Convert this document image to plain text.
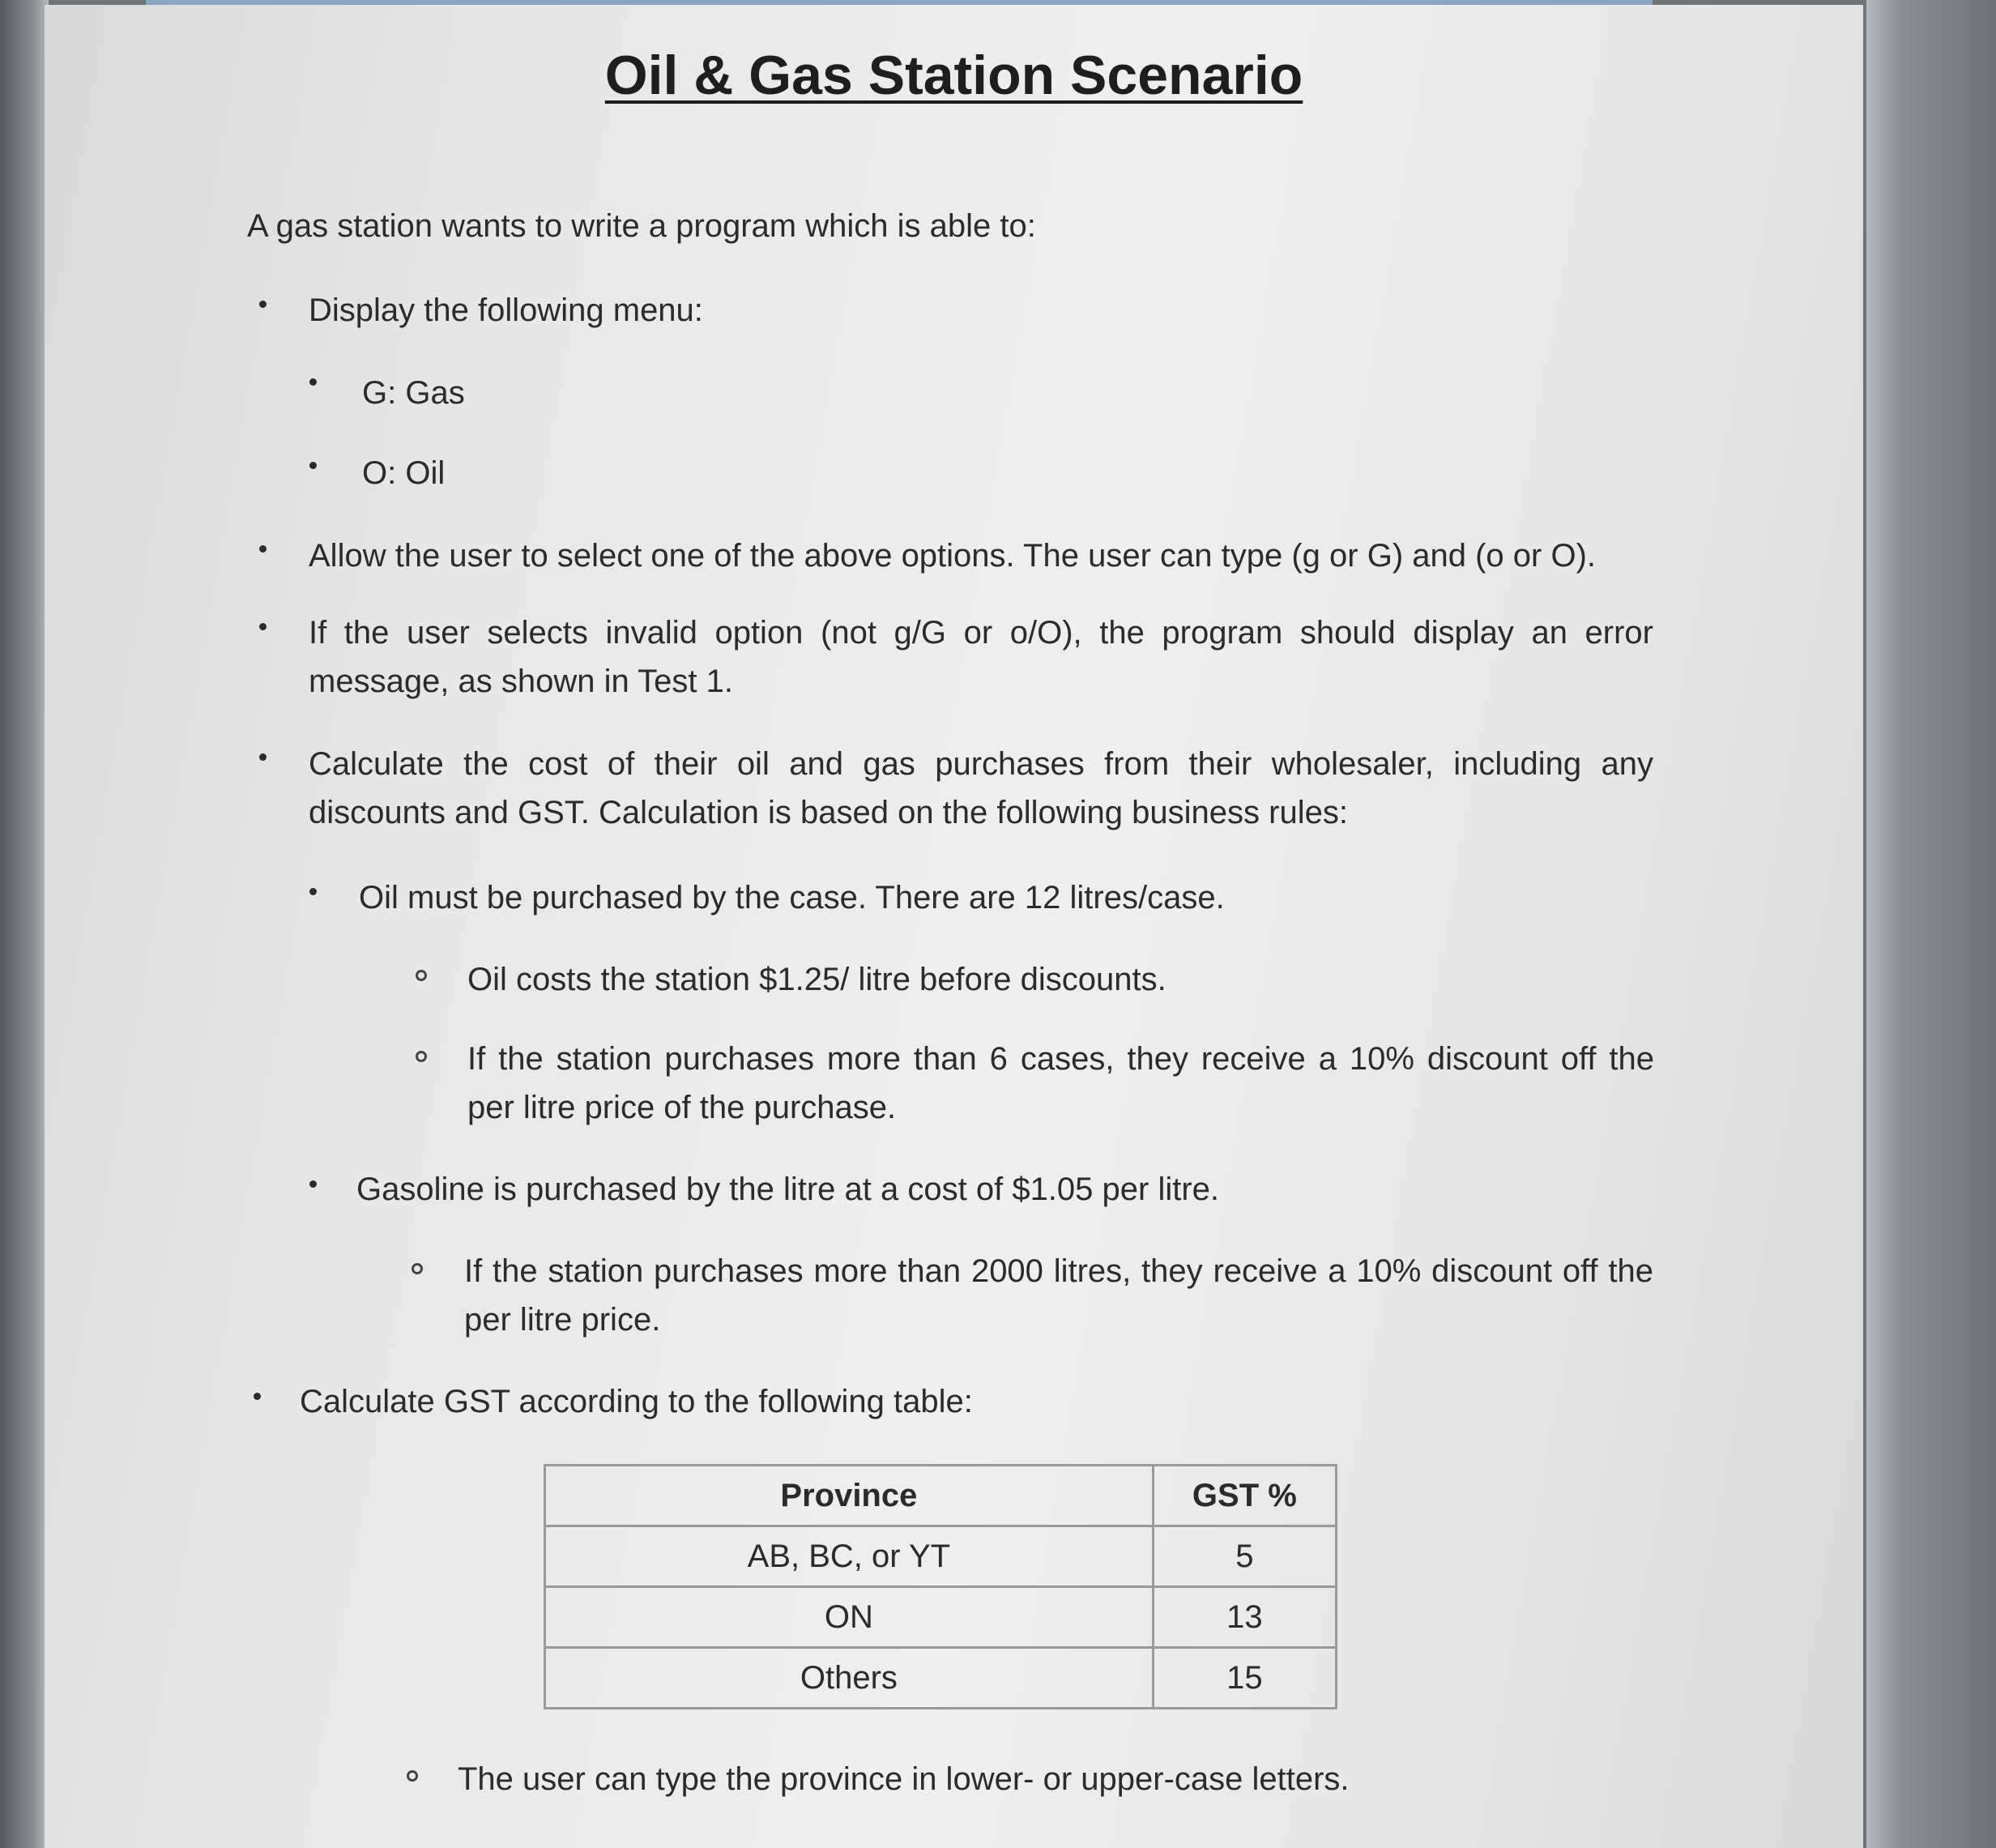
Oil & Gas Station Scenario
A gas station wants to write a program which is able to:
Display the following menu:
G: Gas
O: Oil
Allow the user to select one of the above options. The user can type (g or G) and (o or O).
If the user selects invalid option (not g/G or o/O), the program should display an error message, as shown in Test 1.
Calculate the cost of their oil and gas purchases from their wholesaler, including any discounts and GST. Calculation is based on the following business rules:
Oil must be purchased by the case. There are 12 litres/case.
Oil costs the station $1.25/ litre before discounts.
If the station purchases more than 6 cases, they receive a 10% discount off the per litre price of the purchase.
Gasoline is purchased by the litre at a cost of $1.05 per litre.
If the station purchases more than 2000 litres, they receive a 10% discount off the per litre price.
Calculate GST according to the following table:
Province	GST %
AB, BC, or YT	5
ON	13
Others	15
The user can type the province in lower- or upper-case letters.
